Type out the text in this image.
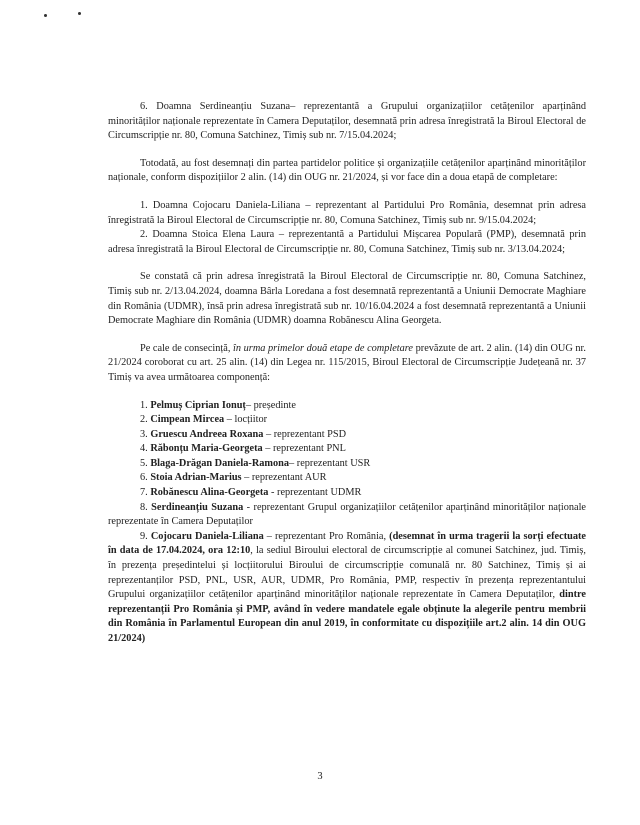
6. Doamna Serdineanțiu Suzana– reprezentantă a Grupului organizațiilor cetățenilor aparținând minorităților naționale reprezentate în Camera Deputaților, desemnată prin adresa înregistrată la Biroul Electoral de Circumscripție nr. 80, Comuna Satchinez, Timiș sub nr. 7/15.04.2024;

Totodată, au fost desemnați din partea partidelor politice și organizațiile cetățenilor aparținând minorităților naționale, conform dispozițiilor 2 alin. (14) din OUG nr. 21/2024, și vor face din a doua etapă de completare:

1. Doamna Cojocaru Daniela-Liliana – reprezentant al Partidului Pro România, desemnat prin adresa înregistrată la Biroul Electoral de Circumscripție nr. 80, Comuna Satchinez, Timiș sub nr. 9/15.04.2024;

2. Doamna Stoica Elena Laura – reprezentantă a Partidului Mișcarea Populară (PMP), desemnată prin adresa înregistrată la Biroul Electoral de Circumscripție nr. 80, Comuna Satchinez, Timiș sub nr. 3/13.04.2024;

Se constată că prin adresa înregistrată la Biroul Electoral de Circumscripție nr. 80, Comuna Satchinez, Timiș sub nr. 2/13.04.2024, doamna Bârla Loredana a fost desemnată reprezentantă a Uniunii Democrate Maghiare din România (UDMR), însă prin adresa înregistrată sub nr. 10/16.04.2024 a fost desemnată reprezentantă a Uniunii Democrate Maghiare din România (UDMR) doamna Robănescu Alina Georgeta.

Pe cale de consecință, în urma primelor două etape de completare prevăzute de art. 2 alin. (14) din OUG nr. 21/2024 coroborat cu art. 25 alin. (14) din Legea nr. 115/2015, Biroul Electoral de Circumscripție Județeană nr. 37 Timiș va avea următoarea componență:

1. Pelmuș Ciprian Ionuț– președinte
2. Cimpean Mircea – locțiitor
3. Gruescu Andreea Roxana – reprezentant PSD
4. Răbonțu Maria-Georgeta – reprezentant PNL
5. Blaga-Drăgan Daniela-Ramona– reprezentant USR
6. Stoia Adrian-Marius – reprezentant AUR
7. Robănescu Alina-Georgeta - reprezentant UDMR
8. Serdineanțiu Suzana - reprezentant Grupul organizațiilor cetățenilor aparținând minorităților naționale reprezentate în Camera Deputaților
9. Cojocaru Daniela-Liliana – reprezentant Pro România, (desemnat în urma tragerii la sorți efectuate în data de 17.04.2024, ora 12:10, la sediul Biroului electoral de circumscripție al comunei Satchinez, jud. Timiș, în prezența președintelui și locțiitorului Biroului de circumscripție comunală nr. 80 Satchinez, Timiș și ai reprezentanților PSD, PNL, USR, AUR, UDMR, Pro România, PMP, respectiv în prezența reprezentantului Grupului organizațiilor cetățenilor aparținând minorităților naționale reprezentate în Camera Deputaților, dintre reprezentanții Pro România și PMP, având în vedere mandatele egale obținute la alegerile pentru membrii din România în Parlamentul European din anul 2019, în conformitate cu dispozițiile art.2 alin. 14 din OUG 21/2024)
3
